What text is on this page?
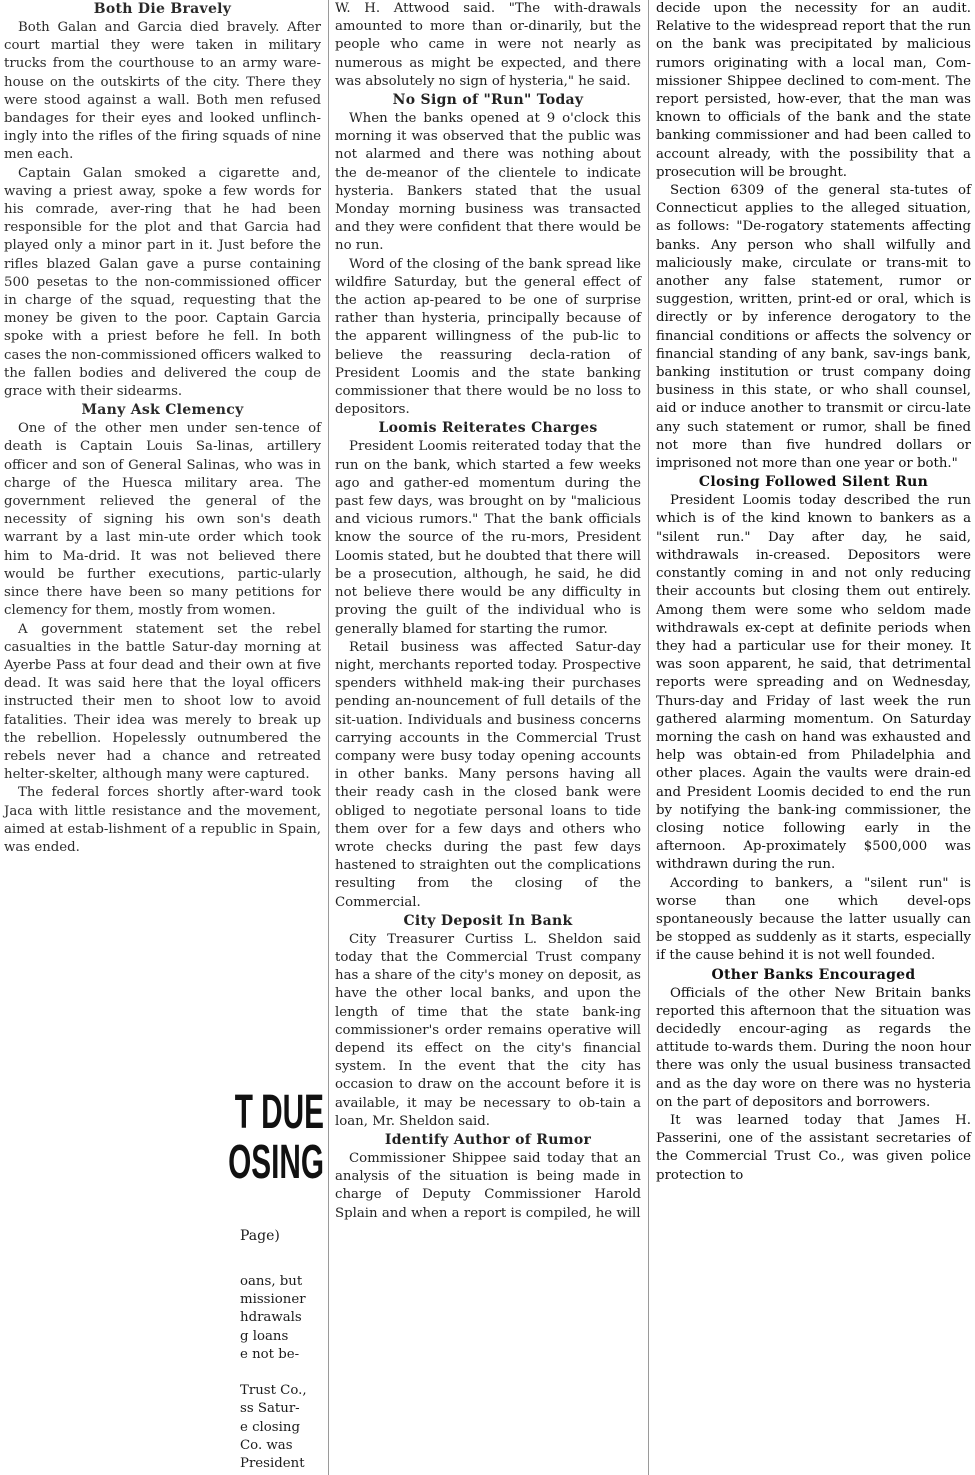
Both Die Bravely

Both Galan and Garcia died bravely. After court martial they were taken in military trucks from the courthouse to an army ware-house on the outskirts of the city. There they were stood against a wall. Both men refused bandages for their eyes and looked unflinch-ingly into the rifles of the firing squads of nine men each.

Captain Galan smoked a cigarette and, waving a priest away, spoke a few words for his comrade, aver-ring that he had been responsible for the plot and that Garcia had played only a minor part in it. Just before the rifles blazed Galan gave a purse containing 500 pesetas to the non-commissioned officer in charge of the squad, requesting that the money be given to the poor. Captain Garcia spoke with a priest before he fell. In both cases the non-commissioned officers walked to the fallen bodies and delivered the coup de grace with their sidearms.

Many Ask Clemency

One of the other men under sen-tence of death is Captain Louis Sa-linas, artillery officer and son of General Salinas, who was in charge of the Huesca military area. The government relieved the general of the necessity of signing his own son's death warrant by a last min-ute order which took him to Ma-drid. It was not believed there would be further executions, partic-ularly since there have been so many petitions for clemency for them, mostly from women.

A government statement set the rebel casualties in the battle Satur-day morning at Ayerbe Pass at four dead and their own at five dead. It was said here that the loyal officers instructed their men to shoot low to avoid fatalities. Their idea was merely to break up the rebellion. Hopelessly outnumbered the rebels never had a chance and retreated helter-skelter, although many were captured.

The federal forces shortly after-ward took Jaca with little resistance and the movement, aimed at estab-lishment of a republic in Spain, was ended.

W. H. Attwood said. "The with-drawals amounted to more than or-dinarily, but the people who came in were not nearly as numerous as might be expected, and there was absolutely no sign of hysteria," he said.

No Sign of "Run" Today

When the banks opened at 9 o'clock this morning it was observed that the public was not alarmed and there was nothing about the de-meanor of the clientele to indicate hysteria. Bankers stated that the usual Monday morning business was transacted and they were confident that there would be no run.

Word of the closing of the bank spread like wildfire Saturday, but the general effect of the action ap-peared to be one of surprise rather than hysteria, principally because of the apparent willingness of the pub-lic to believe the reassuring decla-ration of President Loomis and the state banking commissioner that there would be no loss to depositors.

Loomis Reiterates Charges

President Loomis reiterated today that the run on the bank, which started a few weeks ago and gather-ed momentum during the past few days, was brought on by "malicious and vicious rumors." That the bank officials know the source of the ru-mors, President Loomis stated, but he doubted that there will be a prosecution, although, he said, he did not believe there would be any difficulty in proving the guilt of the individual who is generally blamed for starting the rumor.

Retail business was affected Satur-day night, merchants reported today. Prospective spenders withheld mak-ing their purchases pending an-nouncement of full details of the sit-uation. Individuals and business concerns carrying accounts in the Commercial Trust company were busy today opening accounts in other banks. Many persons having all their ready cash in the closed bank were obliged to negotiate personal loans to tide them over for a few days and others who wrote checks during the past few days hastened to straighten out the complications resulting from the closing of the Commercial.

City Deposit In Bank

City Treasurer Curtiss L. Sheldon said today that the Commercial Trust company has a share of the city's money on deposit, as have the other local banks, and upon the length of time that the state bank-ing commissioner's order remains operative will depend its effect on the city's financial system. In the event that the city has occasion to draw on the account before it is available, it may be necessary to ob-tain a loan, Mr. Sheldon said.

Identify Author of Rumor

Commissioner Shippee said today that an analysis of the situation is being made in charge of Deputy Commissioner Harold Splain and when a report is compiled, he will

decide upon the necessity for an audit. Relative to the widespread report that the run on the bank was precipitated by malicious rumors originating with a local man, Com-missioner Shippee declined to com-ment. The report persisted, how-ever, that the man was known to officials of the bank and the state banking commissioner and had been called to account already, with the possibility that a prosecution will be brought.

Section 6309 of the general sta-tutes of Connecticut applies to the alleged situation, as follows: "De-rogatory statements affecting banks. Any person who shall wilfully and maliciously make, circulate or trans-mit to another any false statement, rumor or suggestion, written, print-ed or oral, which is directly or by inference derogatory to the financial conditions or affects the solvency or financial standing of any bank, sav-ings bank, banking institution or trust company doing business in this state, or who shall counsel, aid or induce another to transmit or circu-late any such statement or rumor, shall be fined not more than five hundred dollars or imprisoned not more than one year or both."

Closing Followed Silent Run

President Loomis today described the run which is of the kind known to bankers as a "silent run." Day after day, he said, withdrawals in-creased. Depositors were constantly coming in and not only reducing their accounts but closing them out entirely. Among them were some who seldom made withdrawals ex-cept at definite periods when they had a particular use for their money. It was soon apparent, he said, that detrimental reports were spreading and on Wednesday, Thurs-day and Friday of last week the run gathered alarming momentum. On Saturday morning the cash on hand was exhausted and help was obtain-ed from Philadelphia and other places. Again the vaults were drain-ed and President Loomis decided to end the run by notifying the bank-ing commissioner, the closing notice following early in the afternoon. Ap-proximately $500,000 was withdrawn during the run.

According to bankers, a "silent run" is worse than one which devel-ops spontaneously because the latter usually can be stopped as suddenly as it starts, especially if the cause behind it is not well founded.

Other Banks Encouraged

Officials of the other New Britain banks reported this afternoon that the situation was decidedly encour-aging as regards the attitude to-wards them. During the noon hour there was only the usual business transacted and as the day wore on there was no hysteria on the part of depositors and borrowers.

It was learned today that James H. Passerini, one of the assistant secretaries of the Commercial Trust Co., was given police protection to

T DUE
OSING
Page)
oans, but
missioner
hdrawals
g loans
e not be-

Trust Co.,
ss Satur-
e closing
Co. was
President
